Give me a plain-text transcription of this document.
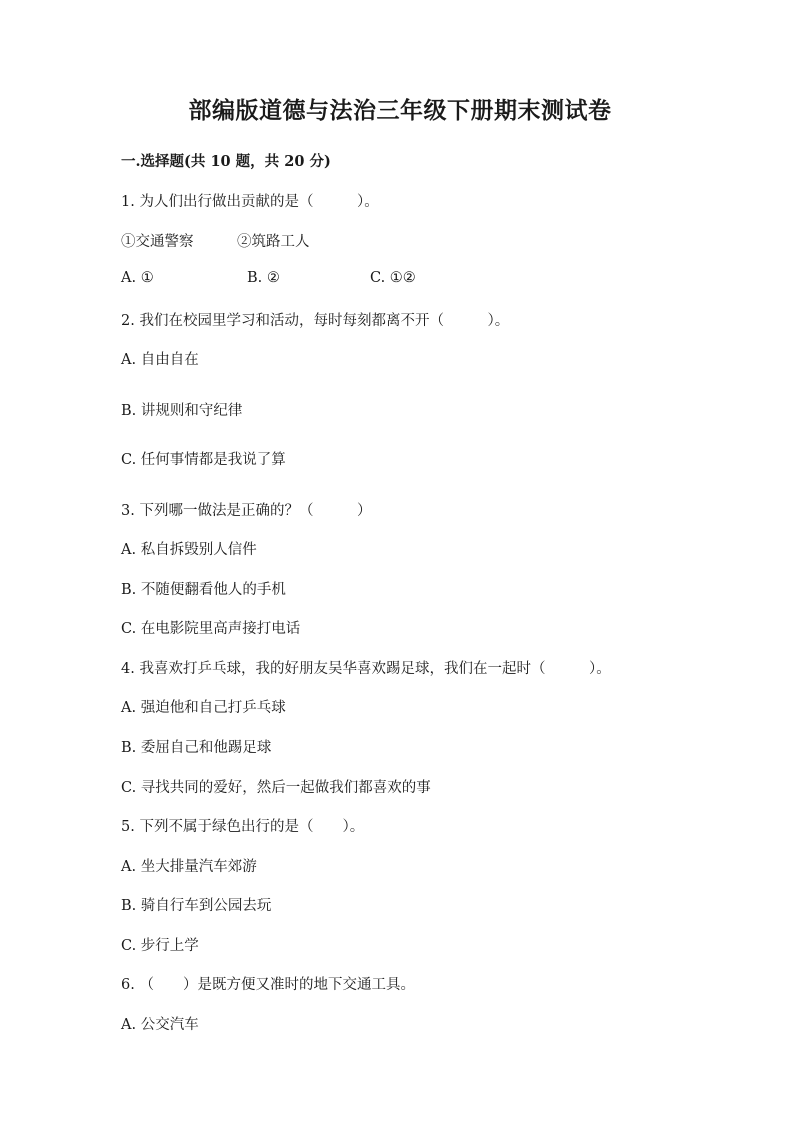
部编版道德与法治三年级下册期末测试卷
一.选择题(共 10 题，共 20 分)
1. 为人们出行做出贡献的是（　　　）。
①交通警察　　　②筑路工人
A. ①	B. ②	C. ①②
2. 我们在校园里学习和活动，每时每刻都离不开（　　　）。
A. 自由自在
B. 讲规则和守纪律
C. 任何事情都是我说了算
3. 下列哪一做法是正确的？（　　　）
A. 私自拆毁别人信件
B. 不随便翻看他人的手机
C. 在电影院里高声接打电话
4. 我喜欢打乒乓球，我的好朋友吴华喜欢踢足球，我们在一起时（　　　）。
A. 强迫他和自己打乒乓球
B. 委屈自己和他踢足球
C. 寻找共同的爱好，然后一起做我们都喜欢的事
5. 下列不属于绿色出行的是（　　）。
A. 坐大排量汽车郊游
B. 骑自行车到公园去玩
C. 步行上学
6. （　　）是既方便又准时的地下交通工具。
A. 公交汽车
